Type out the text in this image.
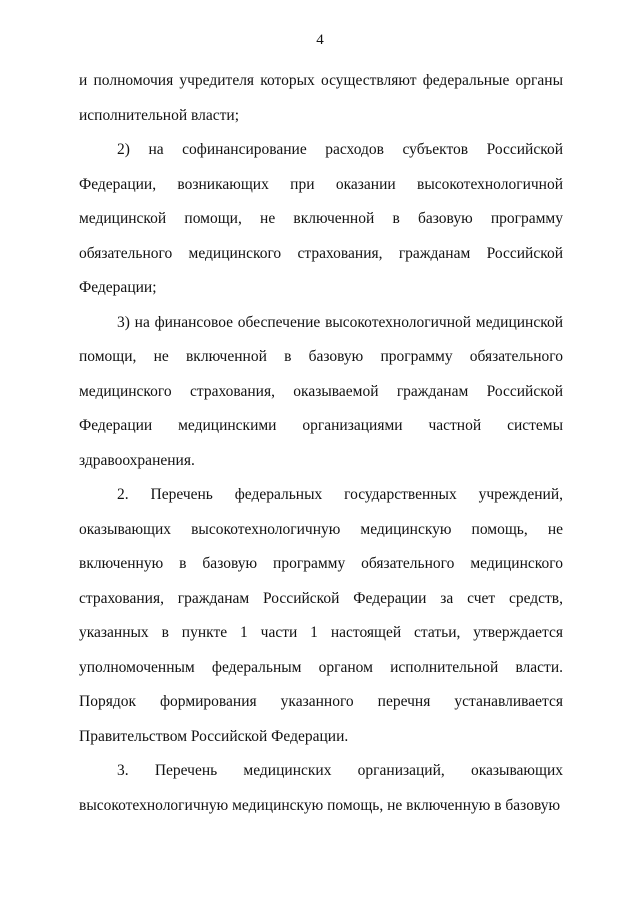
4

и полномочия учредителя которых осуществляют федеральные органы исполнительной власти;

2) на софинансирование расходов субъектов Российской Федерации, возникающих при оказании высокотехнологичной медицинской помощи, не включенной в базовую программу обязательного медицинского страхования, гражданам Российской Федерации;

3) на финансовое обеспечение высокотехнологичной медицинской помощи, не включенной в базовую программу обязательного медицинского страхования, оказываемой гражданам Российской Федерации медицинскими организациями частной системы здравоохранения.

2. Перечень федеральных государственных учреждений, оказывающих высокотехнологичную медицинскую помощь, не включенную в базовую программу обязательного медицинского страхования, гражданам Российской Федерации за счет средств, указанных в пункте 1 части 1 настоящей статьи, утверждается уполномоченным федеральным органом исполнительной власти. Порядок формирования указанного перечня устанавливается Правительством Российской Федерации.

3. Перечень медицинских организаций, оказывающих высокотехнологичную медицинскую помощь, не включенную в базовую
